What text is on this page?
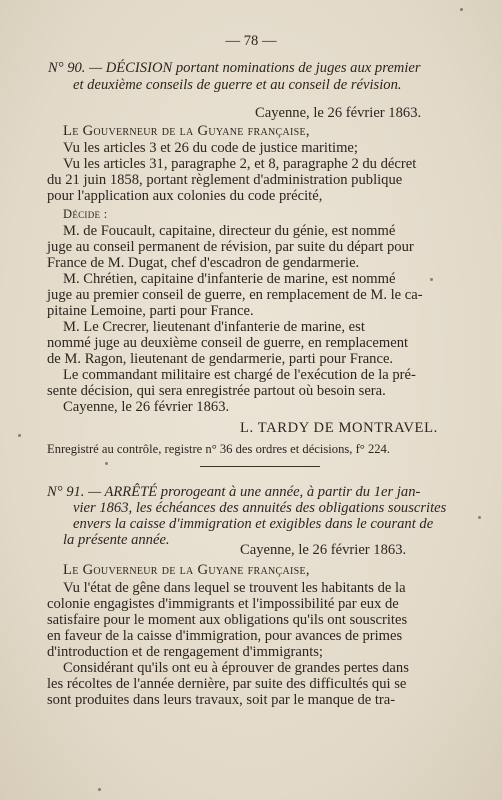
— 78 —
N° 90. — DÉCISION portant nominations de juges aux premier
et deuxième conseils de guerre et au conseil de révision.
Cayenne, le 26 février 1863.
Le Gouverneur de la Guyane française,
Vu les articles 3 et 26 du code de justice maritime;
Vu les articles 31, paragraphe 2, et 8, paragraphe 2 du décret
du 21 juin 1858, portant règlement d'administration publique
pour l'application aux colonies du code précité,
Décide :
M. de Foucault, capitaine, directeur du génie, est nommé
juge au conseil permanent de révision, par suite du départ pour
France de M. Dugat, chef d'escadron de gendarmerie.
M. Chrétien, capitaine d'infanterie de marine, est nommé
juge au premier conseil de guerre, en remplacement de M. le ca-
pitaine Lemoine, parti pour France.
M. Le Crecrer, lieutenant d'infanterie de marine, est
nommé juge au deuxième conseil de guerre, en remplacement
de M. Ragon, lieutenant de gendarmerie, parti pour France.
Le commandant militaire est chargé de l'exécution de la pré-
sente décision, qui sera enregistrée partout où besoin sera.
Cayenne, le 26 février 1863.
L. TARDY DE MONTRAVEL.
Enregistré au contrôle, registre n° 36 des ordres et décisions, f° 224.
N° 91. — ARRÊTÉ prorogeant à une année, à partir du 1er jan-
vier 1863, les échéances des annuités des obligations souscrites
envers la caisse d'immigration et exigibles dans le courant de
la présente année.
Cayenne, le 26 février 1863.
Le Gouverneur de la Guyane française,
Vu l'état de gêne dans lequel se trouvent les habitants de la
colonie engagistes d'immigrants et l'impossibilité par eux de
satisfaire pour le moment aux obligations qu'ils ont souscrites
en faveur de la caisse d'immigration, pour avances de primes
d'introduction et de rengagement d'immigrants;
Considérant qu'ils ont eu à éprouver de grandes pertes dans
les récoltes de l'année dernière, par suite des difficultés qui se
sont produites dans leurs travaux, soit par le manque de tra-
